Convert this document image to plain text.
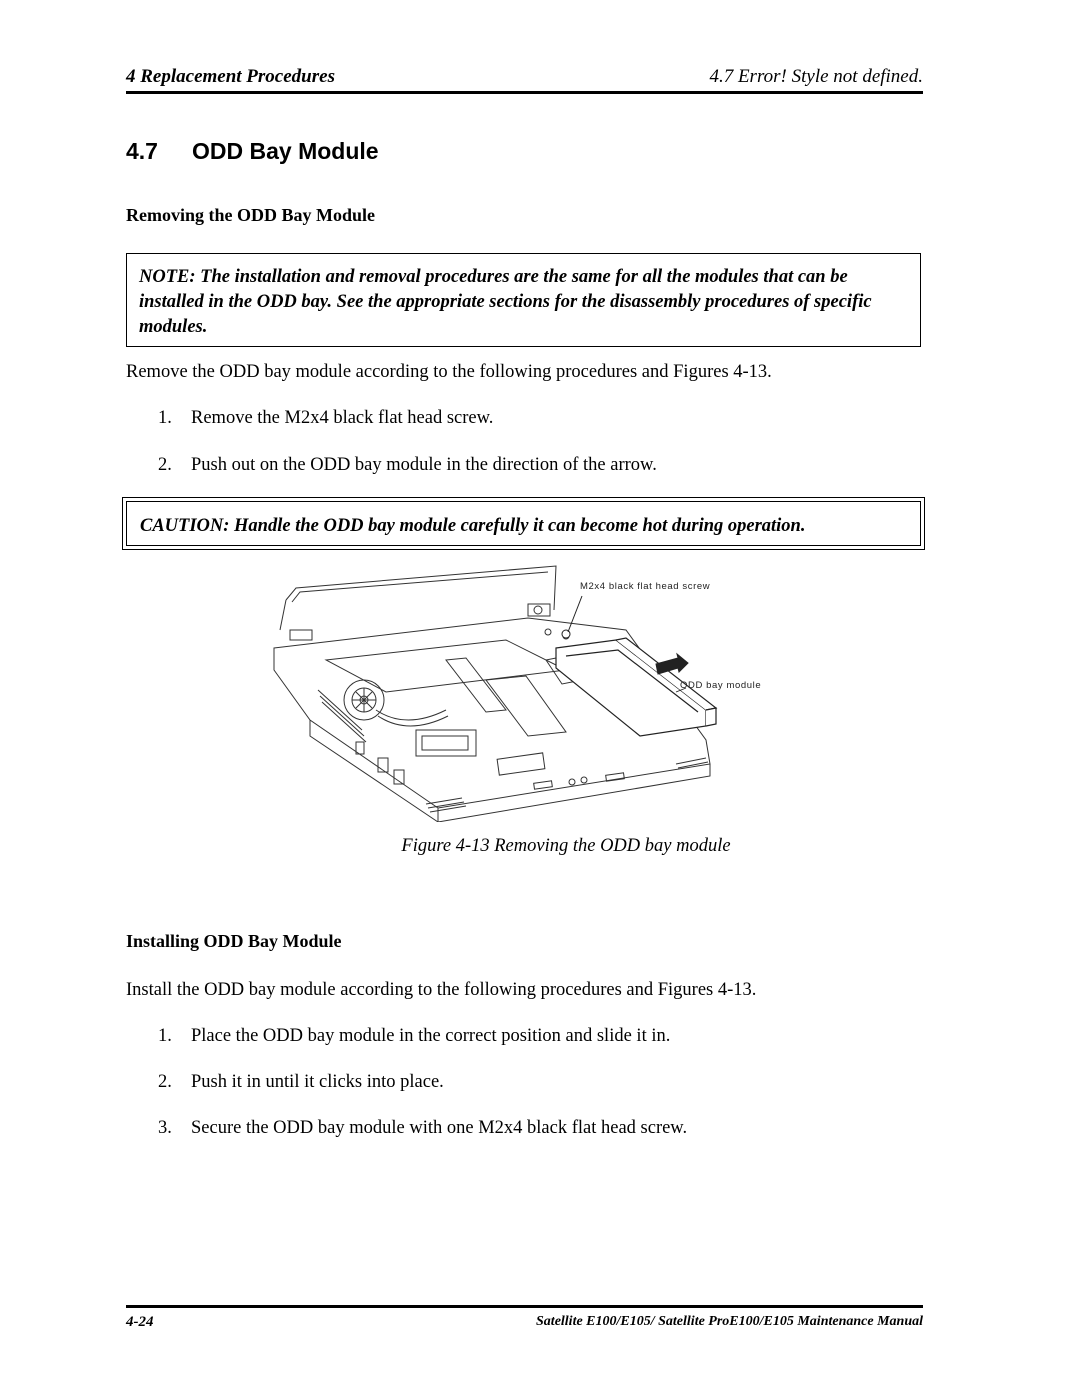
4 Replacement Procedures	4.7 Error! Style not defined.
4.7 ODD Bay Module
Removing the ODD Bay Module
NOTE: The installation and removal procedures are the same for all the modules that can be installed in the ODD bay. See the appropriate sections for the disassembly procedures of specific modules.

Remove the ODD bay module according to the following procedures and Figures 4-13.

1. Remove the M2x4 black flat head screw.
2. Push out on the ODD bay module in the direction of the arrow.
CAUTION: Handle the ODD bay module carefully it can become hot during operation.
M2x4 black flat head screw
ODD bay module
Figure 4-13 Removing the ODD bay module
Installing ODD Bay Module

Install the ODD bay module according to the following procedures and Figures 4-13.

1. Place the ODD bay module in the correct position and slide it in.
2. Push it in until it clicks into place.
3. Secure the ODD bay module with one M2x4 black flat head screw.
4-24	Satellite E100/E105/ Satellite ProE100/E105 Maintenance Manual
